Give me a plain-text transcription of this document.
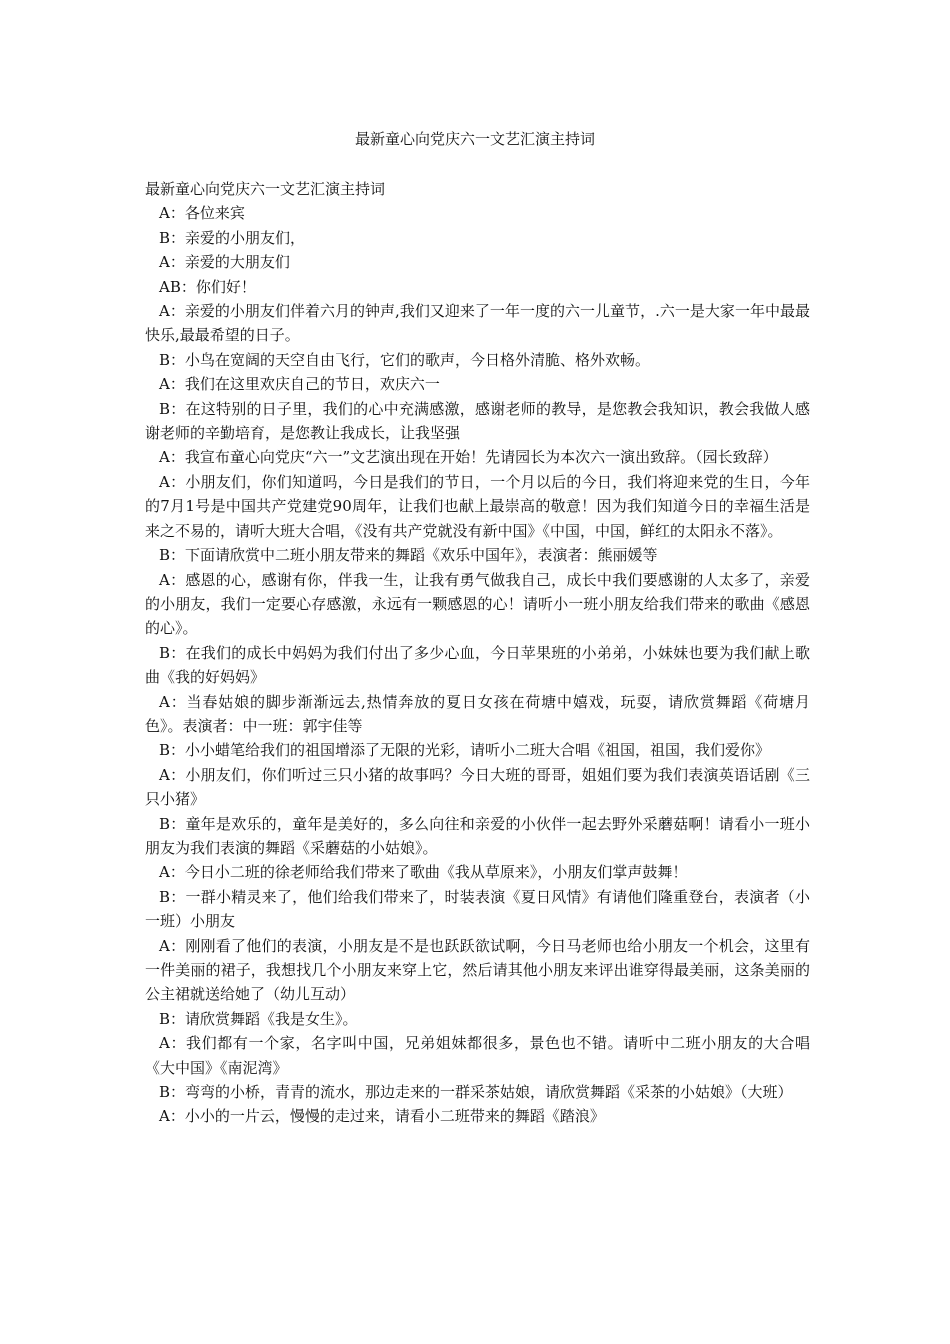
最新童心向党庆六一文艺汇演主持词

最新童心向党庆六一文艺汇演主持词

A：各位来宾

B：亲爱的小朋友们，

A：亲爱的大朋友们

AB：你们好！

A：亲爱的小朋友们伴着六月的钟声,我们又迎来了一年一度的六一儿童节，.六一是大家一年中最最快乐,最最希望的日子。

B：小鸟在宽阔的天空自由飞行，它们的歌声，今日格外清脆、格外欢畅。

A：我们在这里欢庆自己的节日，欢庆六一

B：在这特别的日子里，我们的心中充满感激，感谢老师的教导，是您教会我知识，教会我做人感谢老师的辛勤培育，是您教让我成长，让我坚强

A：我宣布童心向党庆“六一”文艺演出现在开始！先请园长为本次六一演出致辞。（园长致辞）

A：小朋友们，你们知道吗，今日是我们的节日，一个月以后的今日，我们将迎来党的生日，今年的7月1号是中国共产党建党90周年，让我们也献上最崇高的敬意！因为我们知道今日的幸福生活是来之不易的，请听大班大合唱，《没有共产党就没有新中国》《中国，中国，鲜红的太阳永不落》。

B：下面请欣赏中二班小朋友带来的舞蹈《欢乐中国年》，表演者：熊丽媛等

A：感恩的心，感谢有你，伴我一生，让我有勇气做我自己，成长中我们要感谢的人太多了，亲爱的小朋友，我们一定要心存感激，永远有一颗感恩的心！请听小一班小朋友给我们带来的歌曲《感恩的心》。

B：在我们的成长中妈妈为我们付出了多少心血，今日苹果班的小弟弟，小妹妹也要为我们献上歌曲《我的好妈妈》

A：当春姑娘的脚步渐渐远去,热情奔放的夏日女孩在荷塘中嬉戏，玩耍，请欣赏舞蹈《荷塘月色》。表演者：中一班：郭宇佳等

B：小小蜡笔给我们的祖国增添了无限的光彩，请听小二班大合唱《祖国，祖国，我们爱你》

A：小朋友们，你们听过三只小猪的故事吗？今日大班的哥哥，姐姐们要为我们表演英语话剧《三只小猪》

B：童年是欢乐的，童年是美好的，多么向往和亲爱的小伙伴一起去野外采蘑菇啊！请看小一班小朋友为我们表演的舞蹈《采蘑菇的小姑娘》。

A：今日小二班的徐老师给我们带来了歌曲《我从草原来》，小朋友们掌声鼓舞！

B：一群小精灵来了，他们给我们带来了，时装表演《夏日风情》有请他们隆重登台，表演者（小一班）小朋友

A：刚刚看了他们的表演，小朋友是不是也跃跃欲试啊，今日马老师也给小朋友一个机会，这里有一件美丽的裙子，我想找几个小朋友来穿上它，然后请其他小朋友来评出谁穿得最美丽，这条美丽的公主裙就送给她了（幼儿互动）

B：请欣赏舞蹈《我是女生》。

A：我们都有一个家，名字叫中国，兄弟姐妹都很多，景色也不错。请听中二班小朋友的大合唱《大中国》《南泥湾》

B：弯弯的小桥，青青的流水，那边走来的一群采茶姑娘，请欣赏舞蹈《采茶的小姑娘》（大班）

A：小小的一片云，慢慢的走过来，请看小二班带来的舞蹈《踏浪》
